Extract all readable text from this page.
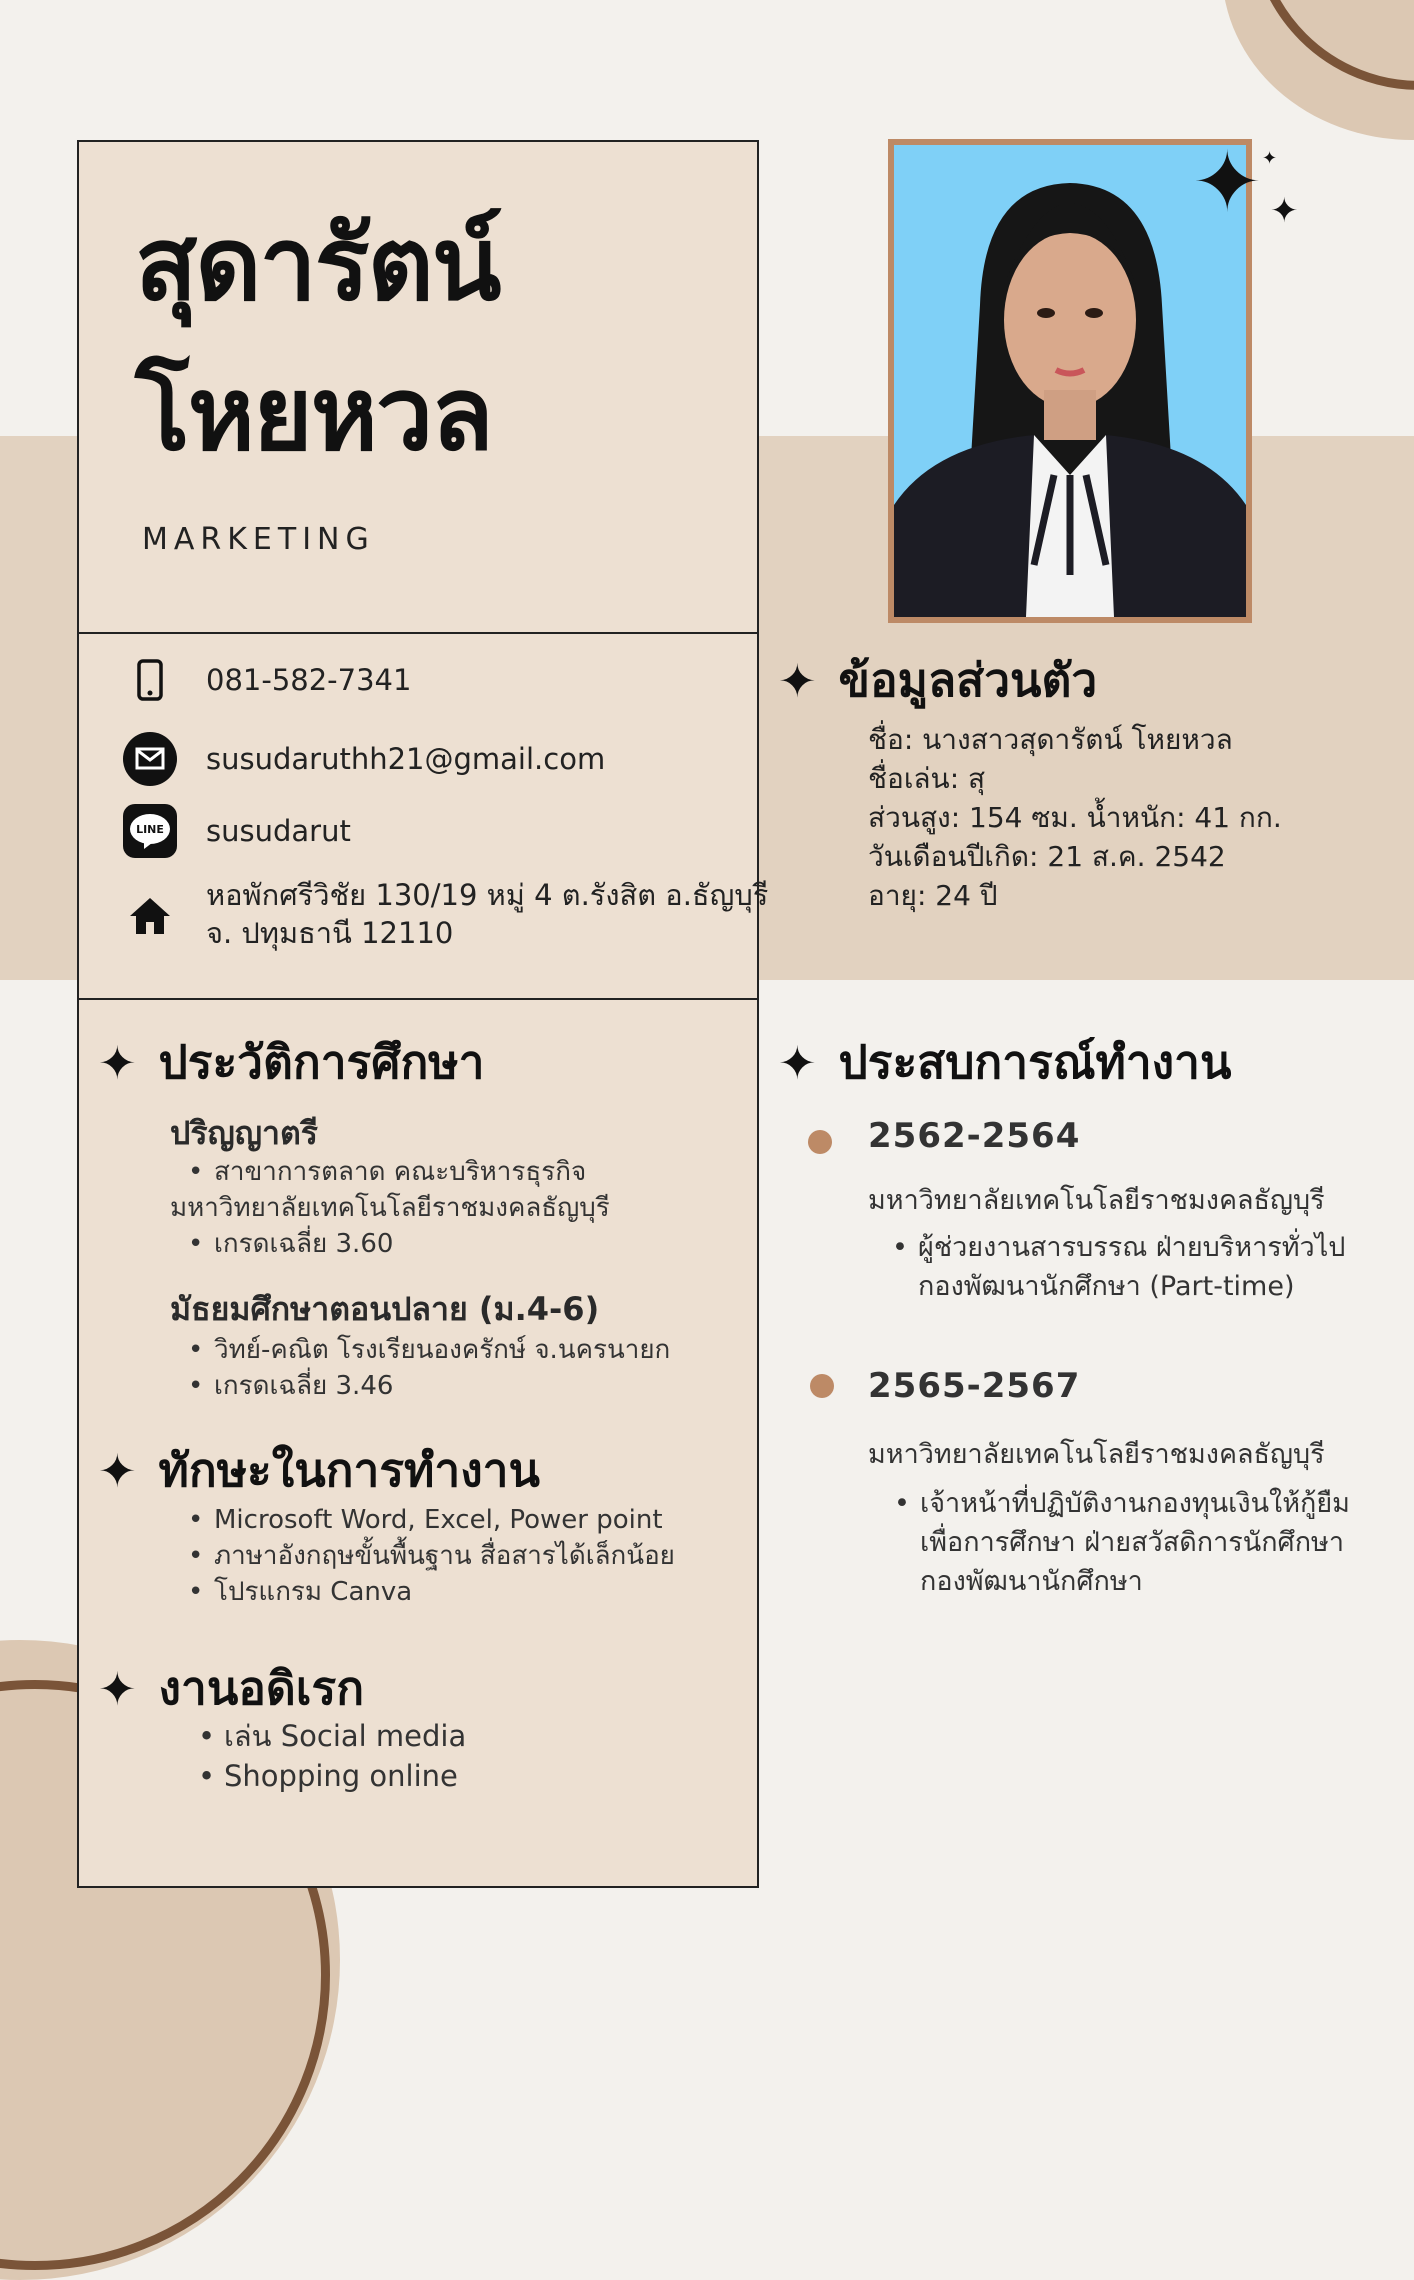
สุดารัตน์
โหยหวล
MARKETING
081-582-7341
susudaruthh21@gmail.com
LINE susudarut
หอพักศรีวิชัย 130/19 หมู่ 4 ต.รังสิต อ.ธัญบุรี
จ. ปทุมธานี 12110
✦ ประวัติการศึกษา
ปริญญาตรี
• สาขาการตลาด คณะบริหารธุรกิจ
มหาวิทยาลัยเทคโนโลยีราชมงคลธัญบุรี
• เกรดเฉลี่ย 3.60
มัธยมศึกษาตอนปลาย (ม.4-6)
• วิทย์-คณิต โรงเรียนองครักษ์ จ.นครนายก
• เกรดเฉลี่ย 3.46
✦ ทักษะในการทำงาน
• Microsoft Word, Excel, Power point
• ภาษาอังกฤษขั้นพื้นฐาน สื่อสารได้เล็กน้อย
• โปรแกรม Canva
✦ งานอดิเรก
• เล่น Social media
• Shopping online
✦ ✦
✦
✦ ข้อมูลส่วนตัว
ชื่อ: นางสาวสุดารัตน์ โหยหวล
ชื่อเล่น: สุ
ส่วนสูง: 154 ซม. น้ำหนัก: 41 กก.
วันเดือนปีเกิด: 21 ส.ค. 2542
อายุ: 24 ปี
✦ ประสบการณ์ทำงาน
2562-2564
มหาวิทยาลัยเทคโนโลยีราชมงคลธัญบุรี
• ผู้ช่วยงานสารบรรณ ฝ่ายบริหารทั่วไป
กองพัฒนานักศึกษา (Part-time)
2565-2567
มหาวิทยาลัยเทคโนโลยีราชมงคลธัญบุรี
• เจ้าหน้าที่ปฏิบัติงานกองทุนเงินให้กู้ยืม
เพื่อการศึกษา ฝ่ายสวัสดิการนักศึกษา
กองพัฒนานักศึกษา
